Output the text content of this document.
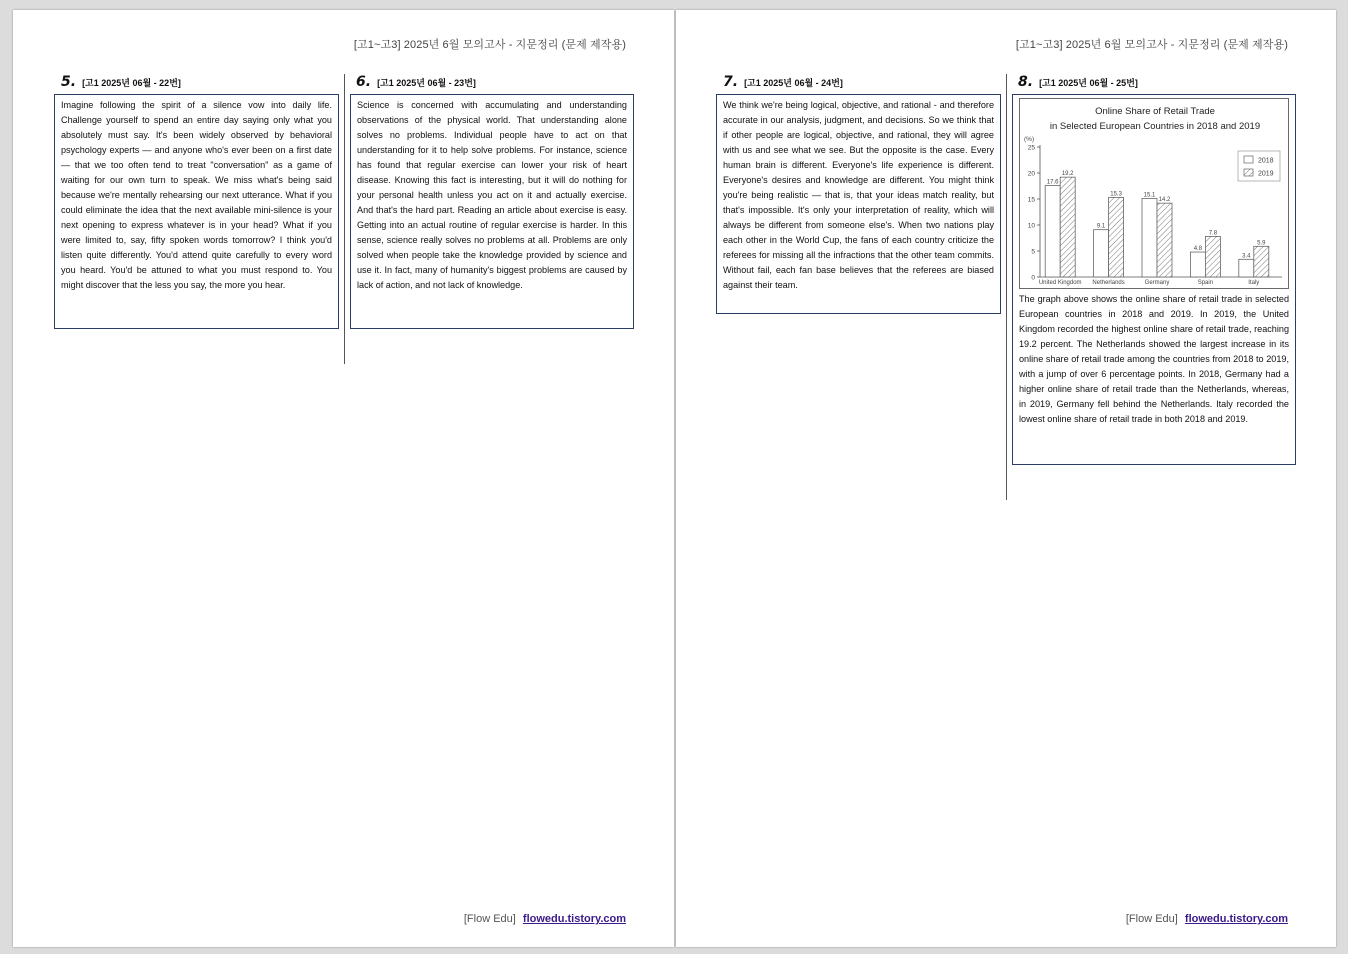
[고1~고3] 2025년 6월 모의고사 - 지문정리 (문제 제작용)
5. [고1 2025년 06월 - 22번]
Imagine following the spirit of a silence vow into daily life. Challenge yourself to spend an entire day saying only what you absolutely must say. It's been widely observed by behavioral psychology experts — and anyone who's ever been on a first date — that we too often tend to treat "conversation" as a game of waiting for our own turn to speak. We miss what's being said because we're mentally rehearsing our next utterance. What if you could eliminate the idea that the next available mini-silence is your next opening to express whatever is in your head? What if you were limited to, say, fifty spoken words tomorrow? I think you'd listen quite differently. You'd attend quite carefully to every word you heard. You'd be attuned to what you must respond to. You might discover that the less you say, the more you hear.
6. [고1 2025년 06월 - 23번]
Science is concerned with accumulating and understanding observations of the physical world. That understanding alone solves no problems. Individual people have to act on that understanding for it to help solve problems. For instance, science has found that regular exercise can lower your risk of heart disease. Knowing this fact is interesting, but it will do nothing for your personal health unless you act on it and actually exercise. And that's the hard part. Reading an article about exercise is easy. Getting into an actual routine of regular exercise is harder. In this sense, science really solves no problems at all. Problems are only solved when people take the knowledge provided by science and use it. In fact, many of humanity's biggest problems are caused by lack of action, and not lack of knowledge.
[Flow Edu] flowedu.tistory.com
[고1~고3] 2025년 6월 모의고사 - 지문정리 (문제 제작용)
7. [고1 2025년 06월 - 24번]
We think we're being logical, objective, and rational - and therefore accurate in our analysis, judgment, and decisions. So we think that if other people are logical, objective, and rational, they will agree with us and see what we see. But the opposite is the case. Every human brain is different. Everyone's life experience is different. Everyone's desires and knowledge are different. You might think you're being realistic — that is, that your ideas match reality, but that's impossible. It's only your interpretation of reality, which will always be different from someone else's. When two nations play each other in the World Cup, the fans of each country criticize the referees for missing all the infractions that the other team commits. Without fail, each fan base believes that the referees are biased against their team.
8. [고1 2025년 06월 - 25번]
Online Share of Retail Trade
in Selected European Countries in 2018 and 2019
(%)
0
5
10
15
20
25
17.6
19.2
United Kingdom
9.1
15.3
Netherlands
15.1
14.2
Germany
4.8
7.8
Spain
3.4
5.9
Italy
2018
2019
The graph above shows the online share of retail trade in selected European countries in 2018 and 2019. In 2019, the United Kingdom recorded the highest online share of retail trade, reaching 19.2 percent. The Netherlands showed the largest increase in its online share of retail trade among the countries from 2018 to 2019, with a jump of over 6 percentage points. In 2018, Germany had a higher online share of retail trade than the Netherlands, whereas, in 2019, Germany fell behind the Netherlands. Italy recorded the lowest online share of retail trade in both 2018 and 2019.
[Flow Edu] flowedu.tistory.com
